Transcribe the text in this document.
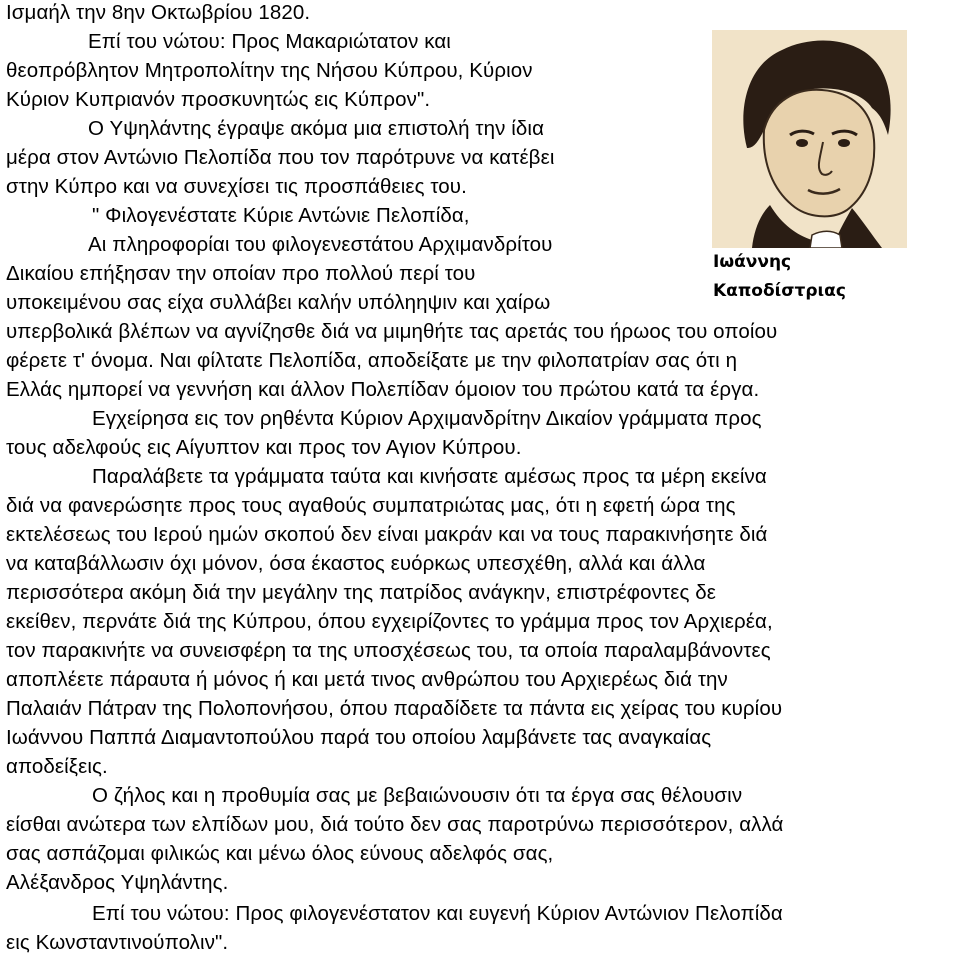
Ισμαήλ την 8ην Οκτωβρίου 1820.
Επί του νώτου: Προς Μακαριώτατον και
θεοπρόβλητον Μητροπολίτην της Νήσου Κύπρου, Κύριον
Κύριον Κυπριανόν προσκυνητώς εις Κύπρον".
Ο Υψηλάντης έγραψε ακόμα μια επιστολή την ίδια
μέρα στον Αντώνιο Πελοπίδα που τον παρότρυνε να κατέβει
στην Κύπρο και να συνεχίσει τις προσπάθειες του.
" Φιλογενέστατε Κύριε Αντώνιε Πελοπίδα,
Αι πληροφορίαι του φιλογενεστάτου Αρχιμανδρίτου
Δικαίου επήξησαν την οποίαν προ πολλού περί του
υποκειμένου σας είχα συλλάβει καλήν υπόληηψιν και χαίρω
υπερβολικά βλέπων να αγνίζησθε διά να μιμηθήτε τας αρετάς του ήρωος του οποίου
φέρετε τ' όνομα. Ναι φίλτατε Πελοπίδα, αποδείξατε με την φιλοπατρίαν σας ότι η
Ελλάς ημπορεί να γεννήση και άλλον Πολεπίδαν όμοιον του πρώτου κατά τα έργα.
Εγχείρησα εις τον ρηθέντα Κύριον Αρχιμανδρίτην Δικαίον γράμματα προς
τους αδελφούς εις Αίγυπτον και προς τον Αγιον Κύπρου.
Παραλάβετε τα γράμματα ταύτα και κινήσατε αμέσως προς τα μέρη εκείνα
διά να φανερώσητε προς τους αγαθούς συμπατριώτας μας, ότι η εφετή ώρα της
εκτελέσεως του Ιερού ημών σκοπού δεν είναι μακράν και να τους παρακινήσητε διά
να καταβάλλωσιν όχι μόνον, όσα έκαστος ευόρκως υπεσχέθη, αλλά και άλλα
περισσότερα ακόμη διά την μεγάλην της πατρίδος ανάγκην, επιστρέφοντες δε
εκείθεν, περνάτε διά της Κύπρου, όπου εγχειρίζοντες το γράμμα προς τον Αρχιερέα,
τον παρακινήτε να συνεισφέρη τα της υποσχέσεως του, τα οποία παραλαμβάνοντες
αποπλέετε πάραυτα ή μόνος ή και μετά τινος ανθρώπου του Αρχιερέως διά την
Παλαιάν Πάτραν της Πολοπονήσου, όπου παραδίδετε τα πάντα εις χείρας του κυρίου
Ιωάννου Παππά Διαμαντοπούλου παρά του οποίου λαμβάνετε τας αναγκαίας
αποδείξεις.
Ο ζήλος και η προθυμία σας με βεβαιώνουσιν ότι τα έργα σας θέλουσιν
είσθαι ανώτερα των ελπίδων μου, διά τούτο δεν σας παροτρύνω περισσότερον, αλλά
σας ασπάζομαι φιλικώς και μένω όλος εύνους αδελφός σας,
Αλέξανδρος Υψηλάντης.
Επί του νώτου: Προς φιλογενέστατον και ευγενή Κύριον Αντώνιον Πελοπίδα
εις Κωνσταντινούπολιν".
Ιωάννης
Καποδίστριας
